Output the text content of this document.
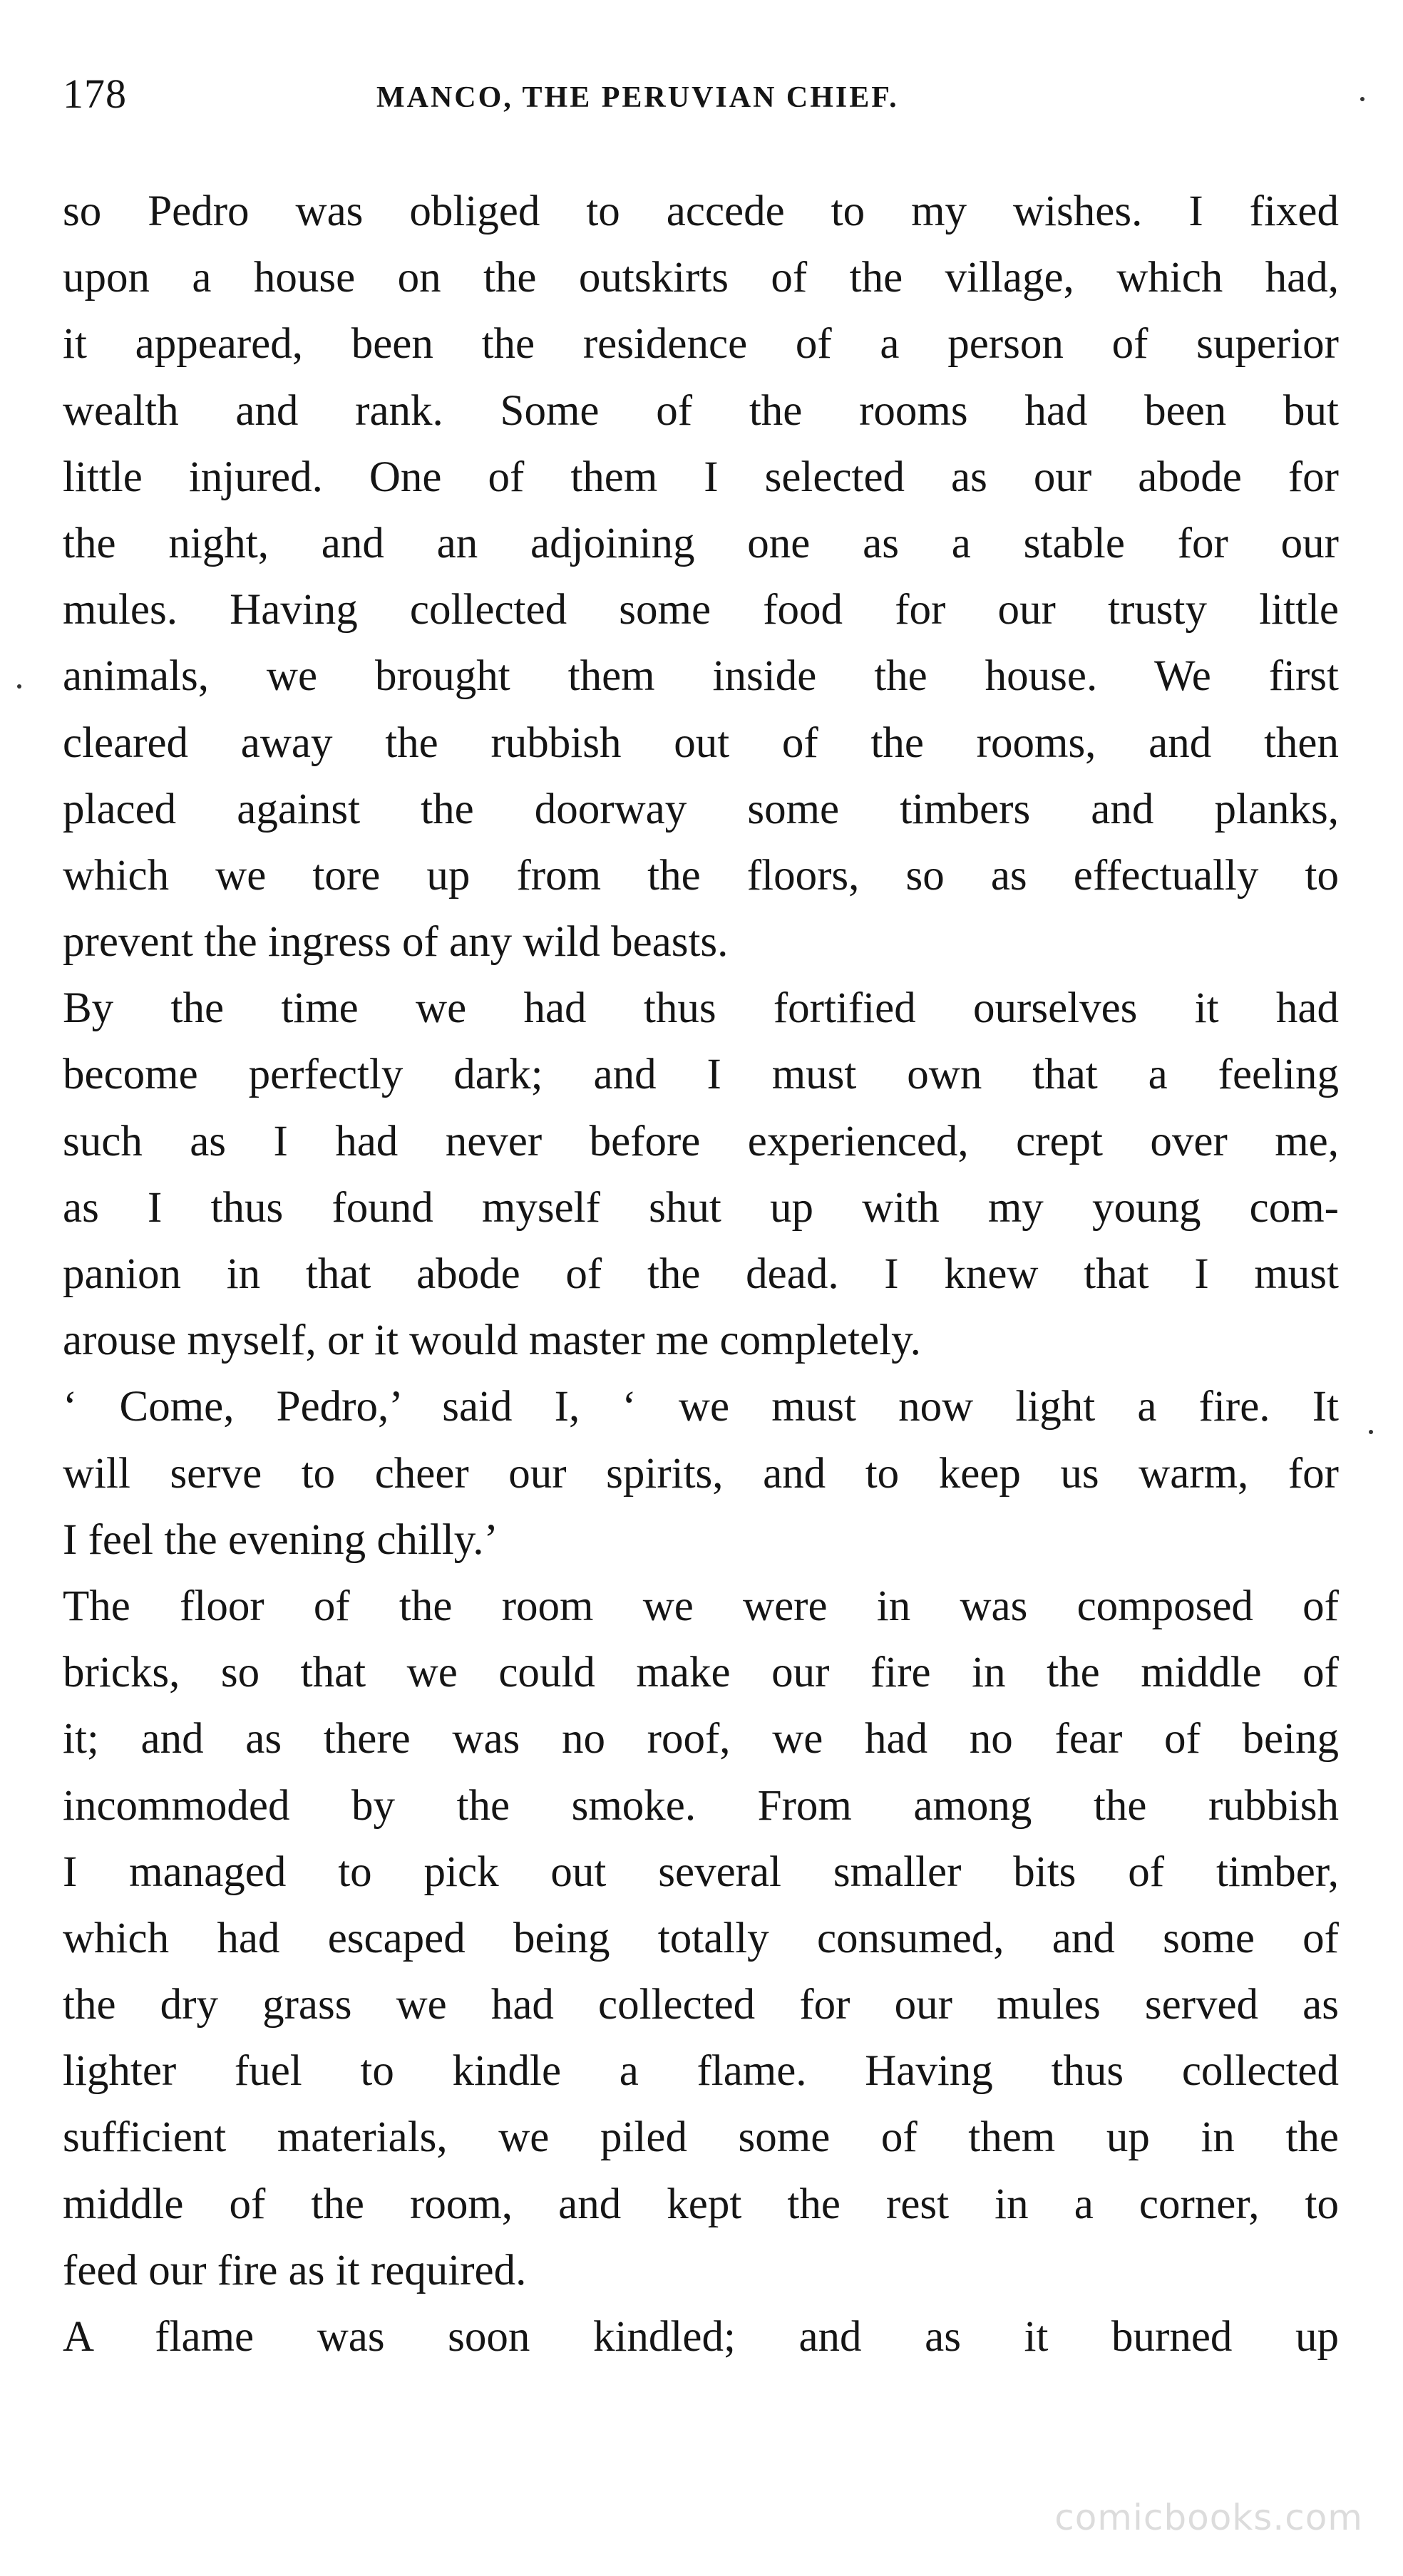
178	MANCO, THE PERUVIAN CHIEF.
so Pedro was obliged to accede to my wishes. I fixed
upon a house on the outskirts of the village, which had,
it appeared, been the residence of a person of superior
wealth and rank. Some of the rooms had been but
little injured. One of them I selected as our abode for
the night, and an adjoining one as a stable for our
mules. Having collected some food for our trusty little
animals, we brought them inside the house. We first
cleared away the rubbish out of the rooms, and then
placed against the doorway some timbers and planks,
which we tore up from the floors, so as effectually to
prevent the ingress of any wild beasts.
By the time we had thus fortified ourselves it had
become perfectly dark; and I must own that a feeling
such as I had never before experienced, crept over me,
as I thus found myself shut up with my young com-
panion in that abode of the dead. I knew that I must
arouse myself, or it would master me completely.
‘ Come, Pedro,’ said I, ‘ we must now light a fire. It
will serve to cheer our spirits, and to keep us warm, for
I feel the evening chilly.’
The floor of the room we were in was composed of
bricks, so that we could make our fire in the middle of
it; and as there was no roof, we had no fear of being
incommoded by the smoke. From among the rubbish
I managed to pick out several smaller bits of timber,
which had escaped being totally consumed, and some of
the dry grass we had collected for our mules served as
lighter fuel to kindle a flame. Having thus collected
sufficient materials, we piled some of them up in the
middle of the room, and kept the rest in a corner, to
feed our fire as it required.
A flame was soon kindled; and as it burned up
comicbooks.com
